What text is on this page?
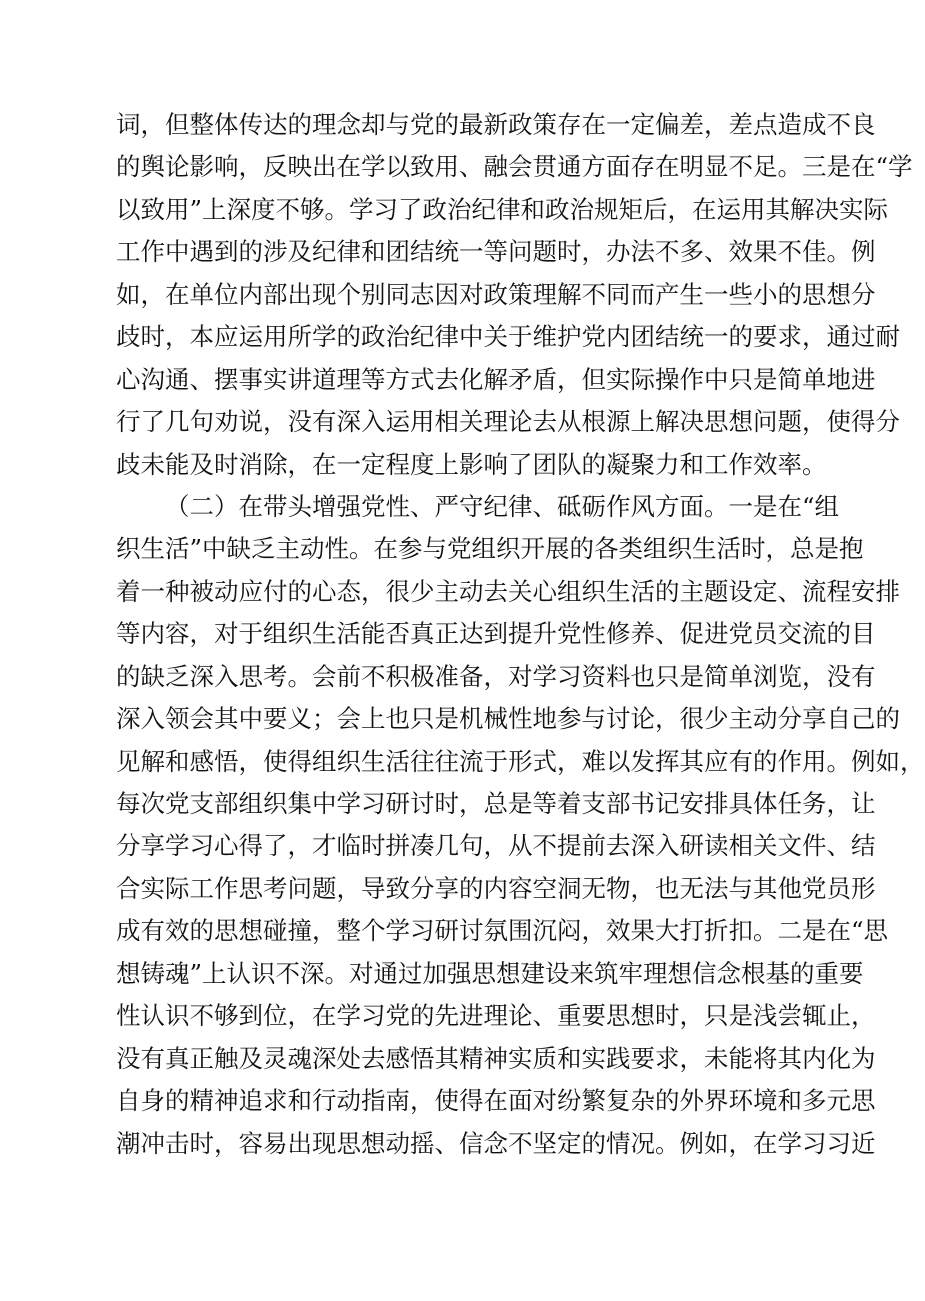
词，但整体传达的理念却与党的最新政策存在一定偏差，差点造成不良
的舆论影响，反映出在学以致用、融会贯通方面存在明显不足。三是在“学
以致用”上深度不够。学习了政治纪律和政治规矩后，在运用其解决实际
工作中遇到的涉及纪律和团结统一等问题时，办法不多、效果不佳。例
如，在单位内部出现个别同志因对政策理解不同而产生一些小的思想分
歧时，本应运用所学的政治纪律中关于维护党内团结统一的要求，通过耐
心沟通、摆事实讲道理等方式去化解矛盾，但实际操作中只是简单地进
行了几句劝说，没有深入运用相关理论去从根源上解决思想问题，使得分
歧未能及时消除，在一定程度上影响了团队的凝聚力和工作效率。
（二）在带头增强党性、严守纪律、砥砺作风方面。一是在“组
织生活”中缺乏主动性。在参与党组织开展的各类组织生活时，总是抱
着一种被动应付的心态，很少主动去关心组织生活的主题设定、流程安排
等内容，对于组织生活能否真正达到提升党性修养、促进党员交流的目
的缺乏深入思考。会前不积极准备，对学习资料也只是简单浏览，没有
深入领会其中要义；会上也只是机械性地参与讨论，很少主动分享自己的
见解和感悟，使得组织生活往往流于形式，难以发挥其应有的作用。例如，
每次党支部组织集中学习研讨时，总是等着支部书记安排具体任务，让
分享学习心得了，才临时拼凑几句，从不提前去深入研读相关文件、结
合实际工作思考问题，导致分享的内容空洞无物，也无法与其他党员形
成有效的思想碰撞，整个学习研讨氛围沉闷，效果大打折扣。二是在“思
想铸魂”上认识不深。对通过加强思想建设来筑牢理想信念根基的重要
性认识不够到位，在学习党的先进理论、重要思想时，只是浅尝辄止，
没有真正触及灵魂深处去感悟其精神实质和实践要求，未能将其内化为
自身的精神追求和行动指南，使得在面对纷繁复杂的外界环境和多元思
潮冲击时，容易出现思想动摇、信念不坚定的情况。例如，在学习习近
